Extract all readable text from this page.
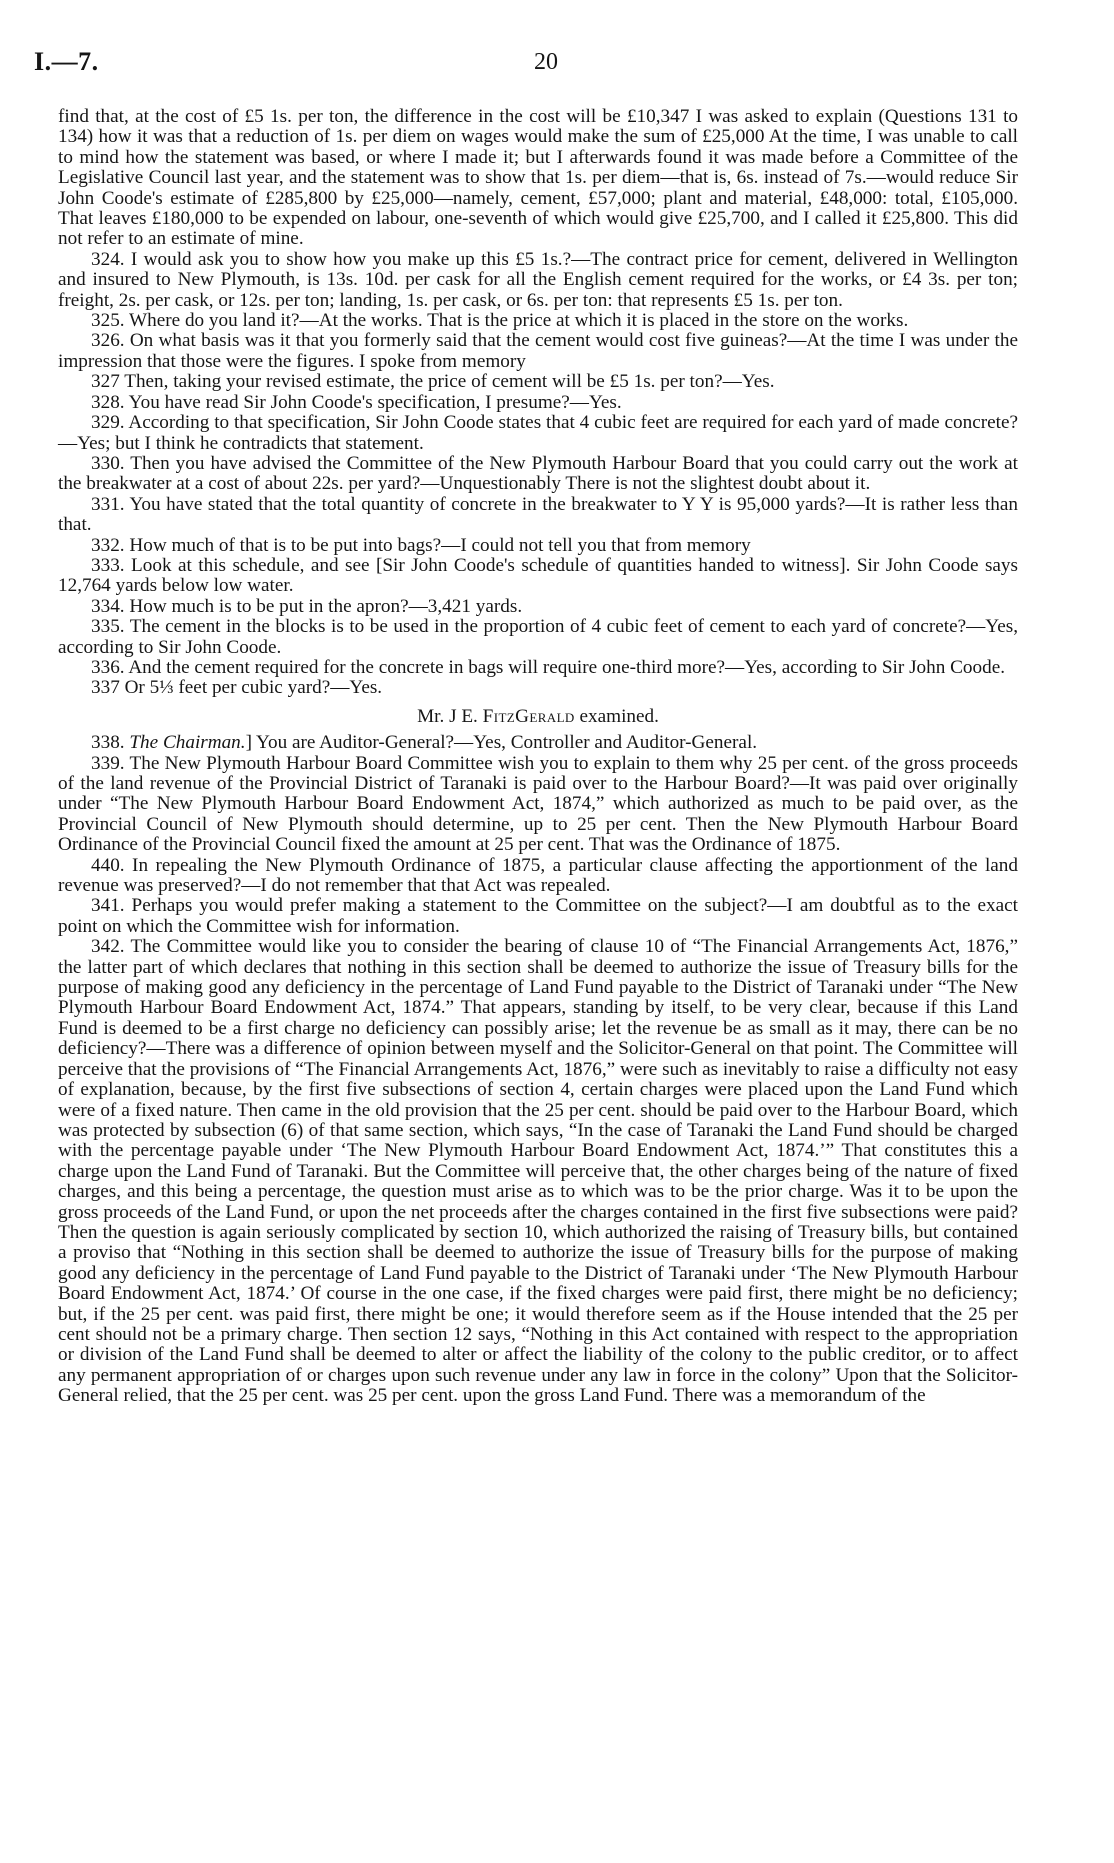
I.—7.	20

find that, at the cost of £5 1s. per ton, the difference in the cost will be £10,347 I was asked to explain (Questions 131 to 134) how it was that a reduction of 1s. per diem on wages would make the sum of £25,000 At the time, I was unable to call to mind how the statement was based, or where I made it; but I afterwards found it was made before a Committee of the Legislative Council last year, and the statement was to show that 1s. per diem—that is, 6s. instead of 7s.—would reduce Sir John Coode's estimate of £285,800 by £25,000—namely, cement, £57,000; plant and material, £48,000: total, £105,000. That leaves £180,000 to be expended on labour, one-seventh of which would give £25,700, and I called it £25,800. This did not refer to an estimate of mine.

324. I would ask you to show how you make up this £5 1s.?—The contract price for cement, delivered in Wellington and insured to New Plymouth, is 13s. 10d. per cask for all the English cement required for the works, or £4 3s. per ton; freight, 2s. per cask, or 12s. per ton; landing, 1s. per cask, or 6s. per ton: that represents £5 1s. per ton.

325. Where do you land it?—At the works. That is the price at which it is placed in the store on the works.

326. On what basis was it that you formerly said that the cement would cost five guineas?—At the time I was under the impression that those were the figures. I spoke from memory

327 Then, taking your revised estimate, the price of cement will be £5 1s. per ton?—Yes.

328. You have read Sir John Coode's specification, I presume?—Yes.

329. According to that specification, Sir John Coode states that 4 cubic feet are required for each yard of made concrete?—Yes; but I think he contradicts that statement.

330. Then you have advised the Committee of the New Plymouth Harbour Board that you could carry out the work at the breakwater at a cost of about 22s. per yard?—Unquestionably There is not the slightest doubt about it.

331. You have stated that the total quantity of concrete in the breakwater to Y Y is 95,000 yards?—It is rather less than that.

332. How much of that is to be put into bags?—I could not tell you that from memory

333. Look at this schedule, and see [Sir John Coode's schedule of quantities handed to witness]. Sir John Coode says 12,764 yards below low water.

334. How much is to be put in the apron?—3,421 yards.

335. The cement in the blocks is to be used in the proportion of 4 cubic feet of cement to each yard of concrete?—Yes, according to Sir John Coode.

336. And the cement required for the concrete in bags will require one-third more?—Yes, according to Sir John Coode.

337 Or 5⅓ feet per cubic yard?—Yes.

Mr. J E. FitzGerald examined.

338. The Chairman.] You are Auditor-General?—Yes, Controller and Auditor-General.

339. The New Plymouth Harbour Board Committee wish you to explain to them why 25 per cent. of the gross proceeds of the land revenue of the Provincial District of Taranaki is paid over to the Harbour Board?—It was paid over originally under “The New Plymouth Harbour Board Endowment Act, 1874,” which authorized as much to be paid over, as the Provincial Council of New Plymouth should determine, up to 25 per cent. Then the New Plymouth Harbour Board Ordinance of the Provincial Council fixed the amount at 25 per cent. That was the Ordinance of 1875.

440. In repealing the New Plymouth Ordinance of 1875, a particular clause affecting the apportionment of the land revenue was preserved?—I do not remember that that Act was repealed.

341. Perhaps you would prefer making a statement to the Committee on the subject?—I am doubtful as to the exact point on which the Committee wish for information.

342. The Committee would like you to consider the bearing of clause 10 of “The Financial Arrangements Act, 1876,” the latter part of which declares that nothing in this section shall be deemed to authorize the issue of Treasury bills for the purpose of making good any deficiency in the percentage of Land Fund payable to the District of Taranaki under “The New Plymouth Harbour Board Endowment Act, 1874.” That appears, standing by itself, to be very clear, because if this Land Fund is deemed to be a first charge no deficiency can possibly arise; let the revenue be as small as it may, there can be no deficiency?—There was a difference of opinion between myself and the Solicitor-General on that point. The Committee will perceive that the provisions of “The Financial Arrangements Act, 1876,” were such as inevitably to raise a difficulty not easy of explanation, because, by the first five subsections of section 4, certain charges were placed upon the Land Fund which were of a fixed nature. Then came in the old provision that the 25 per cent. should be paid over to the Harbour Board, which was protected by subsection (6) of that same section, which says, “In the case of Taranaki the Land Fund should be charged with the percentage payable under ‘The New Plymouth Harbour Board Endowment Act, 1874.’” That constitutes this a charge upon the Land Fund of Taranaki. But the Committee will perceive that, the other charges being of the nature of fixed charges, and this being a percentage, the question must arise as to which was to be the prior charge. Was it to be upon the gross proceeds of the Land Fund, or upon the net proceeds after the charges contained in the first five subsections were paid? Then the question is again seriously complicated by section 10, which authorized the raising of Treasury bills, but contained a proviso that “Nothing in this section shall be deemed to authorize the issue of Treasury bills for the purpose of making good any deficiency in the percentage of Land Fund payable to the District of Taranaki under ‘The New Plymouth Harbour Board Endowment Act, 1874.’ Of course in the one case, if the fixed charges were paid first, there might be no deficiency; but, if the 25 per cent. was paid first, there might be one; it would therefore seem as if the House intended that the 25 per cent should not be a primary charge. Then section 12 says, “Nothing in this Act contained with respect to the appropriation or division of the Land Fund shall be deemed to alter or affect the liability of the colony to the public creditor, or to affect any permanent appropriation of or charges upon such revenue under any law in force in the colony” Upon that the Solicitor-General relied, that the 25 per cent. was 25 per cent. upon the gross Land Fund. There was a memorandum of the
